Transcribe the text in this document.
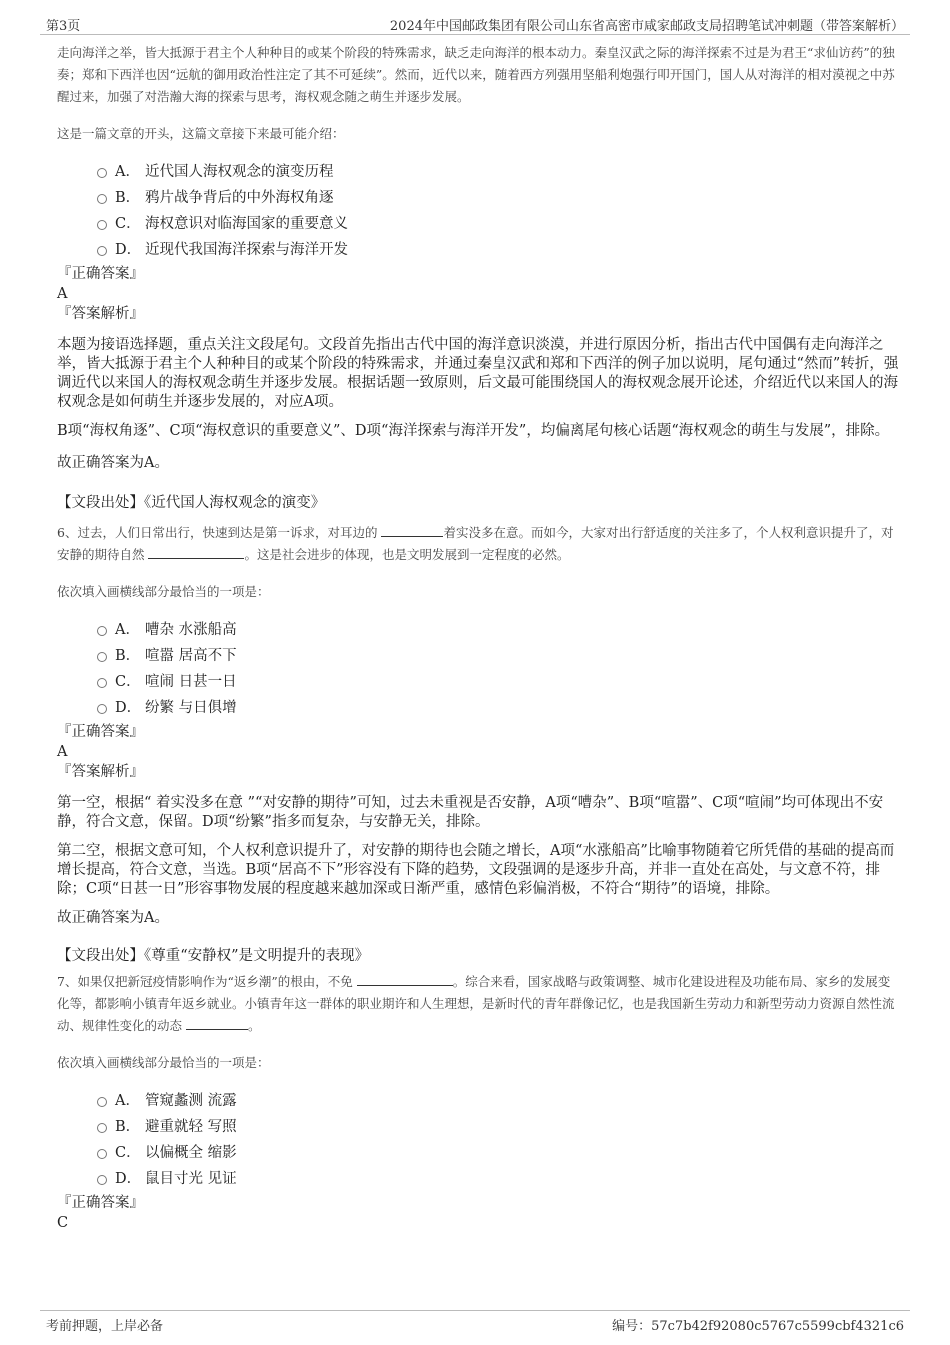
第3页	2024年中国邮政集团有限公司山东省高密市咸家邮政支局招聘笔试冲刺题（带答案解析）

走向海洋之举，皆大抵源于君主个人种种目的或某个阶段的特殊需求，缺乏走向海洋的根本动力。秦皇汉武之际的海洋探索不过是为君王“求仙访药”的独奏；郑和下西洋也因“远航的御用政治性注定了其不可延续”。然而，近代以来，随着西方列强用坚船利炮强行叩开国门，国人从对海洋的相对漠视之中苏醒过来，加强了对浩瀚大海的探索与思考，海权观念随之萌生并逐步发展。

这是一篇文章的开头，这篇文章接下来最可能介绍：

A． 近代国人海权观念的演变历程
B． 鸦片战争背后的中外海权角逐
C． 海权意识对临海国家的重要意义
D． 近现代我国海洋探索与海洋开发

『正确答案』

A

『答案解析』

本题为接语选择题，重点关注文段尾句。文段首先指出古代中国的海洋意识淡漠，并进行原因分析，指出古代中国偶有走向海洋之举，皆大抵源于君主个人种种目的或某个阶段的特殊需求，并通过秦皇汉武和郑和下西洋的例子加以说明，尾句通过“然而”转折，强调近代以来国人的海权观念萌生并逐步发展。根据话题一致原则，后文最可能围绕国人的海权观念展开论述，介绍近代以来国人的海权观念是如何萌生并逐步发展的，对应A项。

B项“海权角逐”、C项“海权意识的重要意义”、D项“海洋探索与海洋开发”，均偏离尾句核心话题“海权观念的萌生与发展”，排除。

故正确答案为A。

【文段出处】《近代国人海权观念的演变》

6、过去，人们日常出行，快速到达是第一诉求，对耳边的	着实没多在意。而如今，大家对出行舒适度的关注多了，个人权利意识提升了，对安静的期待自然	。这是社会进步的体现，也是文明发展到一定程度的必然。

依次填入画横线部分最恰当的一项是：

A． 嘈杂 水涨船高
B． 喧嚣 居高不下
C． 喧闹 日甚一日
D． 纷繁 与日俱增

『正确答案』

A

『答案解析』

第一空，根据“ 着实没多在意 ”“对安静的期待”可知，过去未重视是否安静，A项“嘈杂”、B项“喧嚣”、C项“喧闹”均可体现出不安静，符合文意，保留。D项“纷繁”指多而复杂，与安静无关，排除。

第二空，根据文意可知，个人权利意识提升了，对安静的期待也会随之增长，A项“水涨船高”比喻事物随着它所凭借的基础的提高而增长提高，符合文意，当选。B项“居高不下”形容没有下降的趋势，文段强调的是逐步升高，并非一直处在高处，与文意不符，排除；C项“日甚一日”形容事物发展的程度越来越加深或日渐严重，感情色彩偏消极，不符合“期待”的语境，排除。

故正确答案为A。

【文段出处】《尊重“安静权”是文明提升的表现》

7、如果仅把新冠疫情影响作为“返乡潮”的根由，不免	。综合来看，国家战略与政策调整、城市化建设进程及功能布局、家乡的发展变化等，都影响小镇青年返乡就业。小镇青年这一群体的职业期许和人生理想，是新时代的青年群像记忆，也是我国新生劳动力和新型劳动力资源自然性流动、规律性变化的动态	。

依次填入画横线部分最恰当的一项是：

A． 管窥蠡测 流露
B． 避重就轻 写照
C． 以偏概全 缩影
D． 鼠目寸光 见证

『正确答案』

C

考前押题，上岸必备	编号：57c7b42f92080c5767c5599cbf4321c6
